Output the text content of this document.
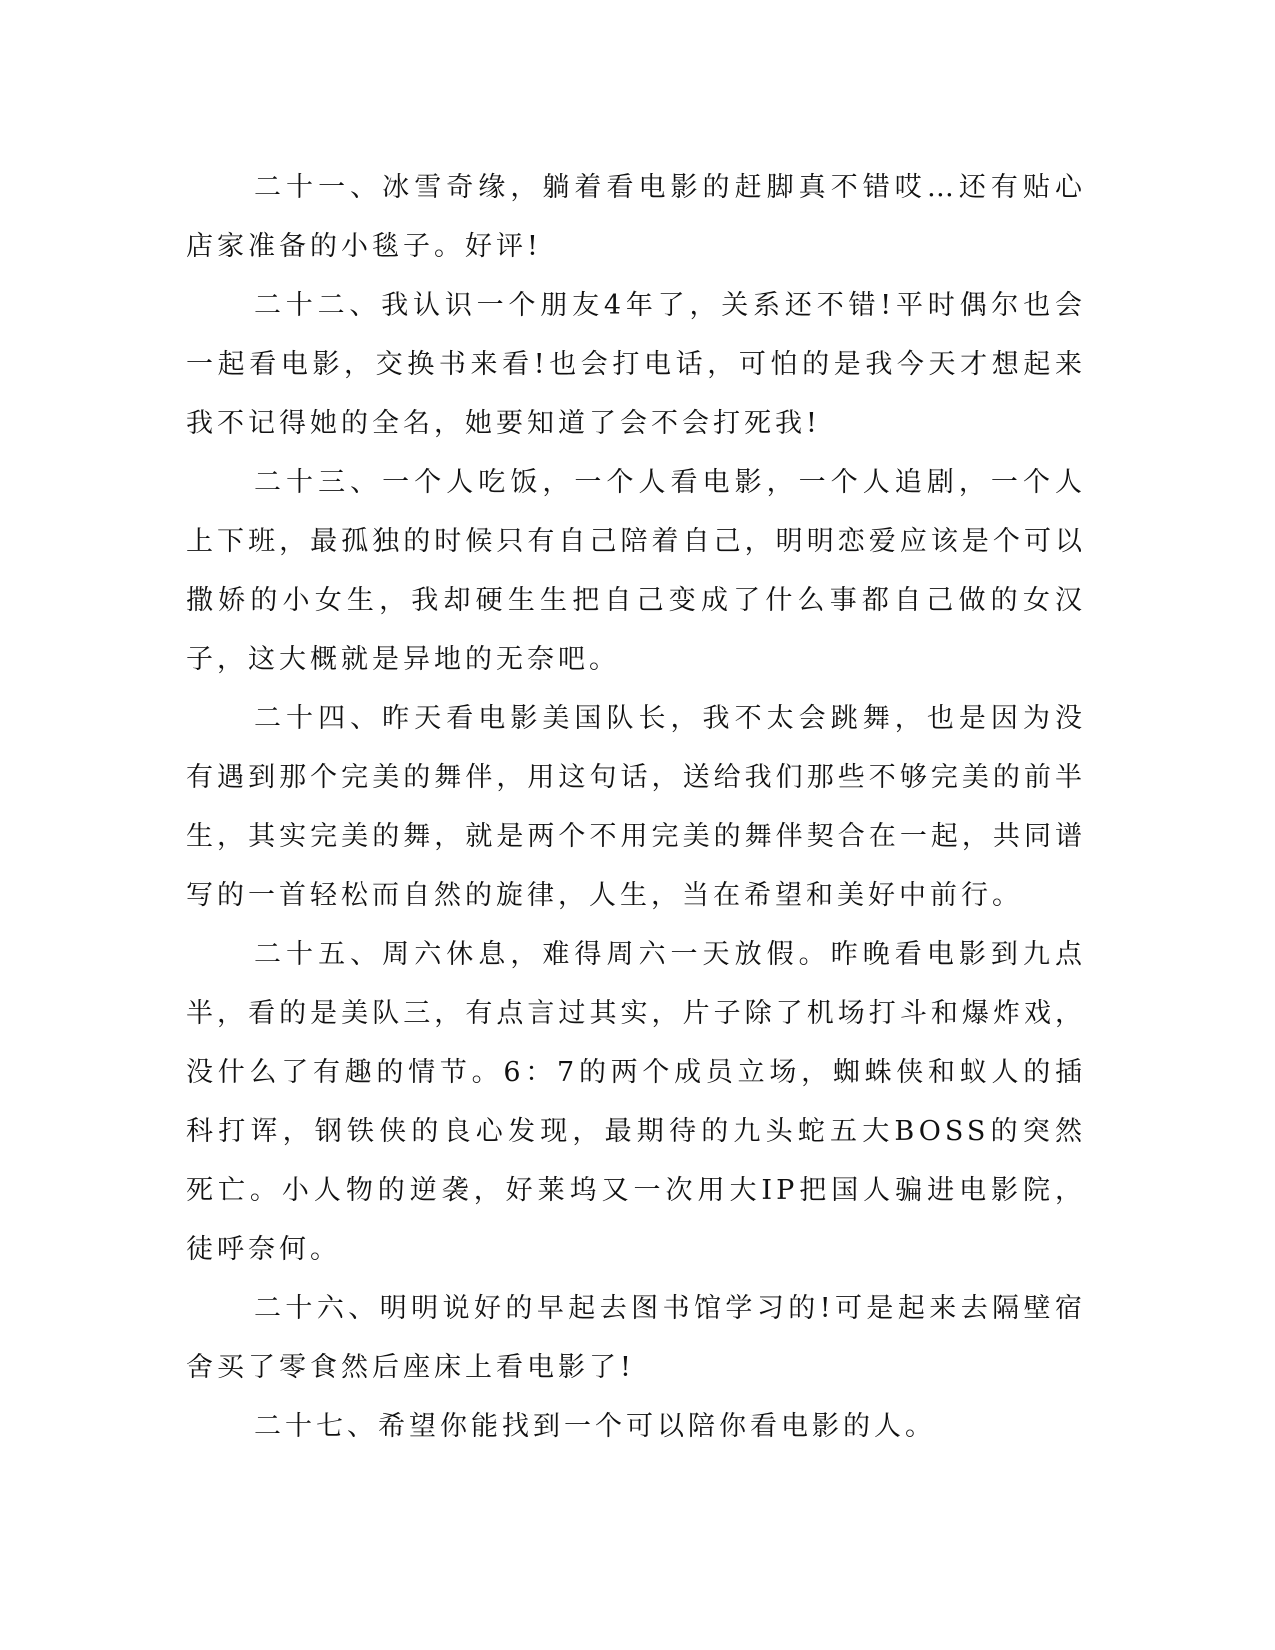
二十一、冰雪奇缘，躺着看电影的赶脚真不错哎…还有贴心店家准备的小毯子。好评!

二十二、我认识一个朋友4年了，关系还不错!平时偶尔也会一起看电影，交换书来看!也会打电话，可怕的是我今天才想起来我不记得她的全名，她要知道了会不会打死我!

二十三、一个人吃饭，一个人看电影，一个人追剧，一个人上下班，最孤独的时候只有自己陪着自己，明明恋爱应该是个可以撒娇的小女生，我却硬生生把自己变成了什么事都自己做的女汉子，这大概就是异地的无奈吧。

二十四、昨天看电影美国队长，我不太会跳舞，也是因为没有遇到那个完美的舞伴，用这句话，送给我们那些不够完美的前半生，其实完美的舞，就是两个不用完美的舞伴契合在一起，共同谱写的一首轻松而自然的旋律，人生，当在希望和美好中前行。

二十五、周六休息，难得周六一天放假。昨晚看电影到九点半，看的是美队三，有点言过其实，片子除了机场打斗和爆炸戏，没什么了有趣的情节。6：7的两个成员立场，蜘蛛侠和蚁人的插科打诨，钢铁侠的良心发现，最期待的九头蛇五大BOSS的突然死亡。小人物的逆袭，好莱坞又一次用大IP把国人骗进电影院，徒呼奈何。

二十六、明明说好的早起去图书馆学习的!可是起来去隔壁宿舍买了零食然后座床上看电影了!

二十七、希望你能找到一个可以陪你看电影的人。
